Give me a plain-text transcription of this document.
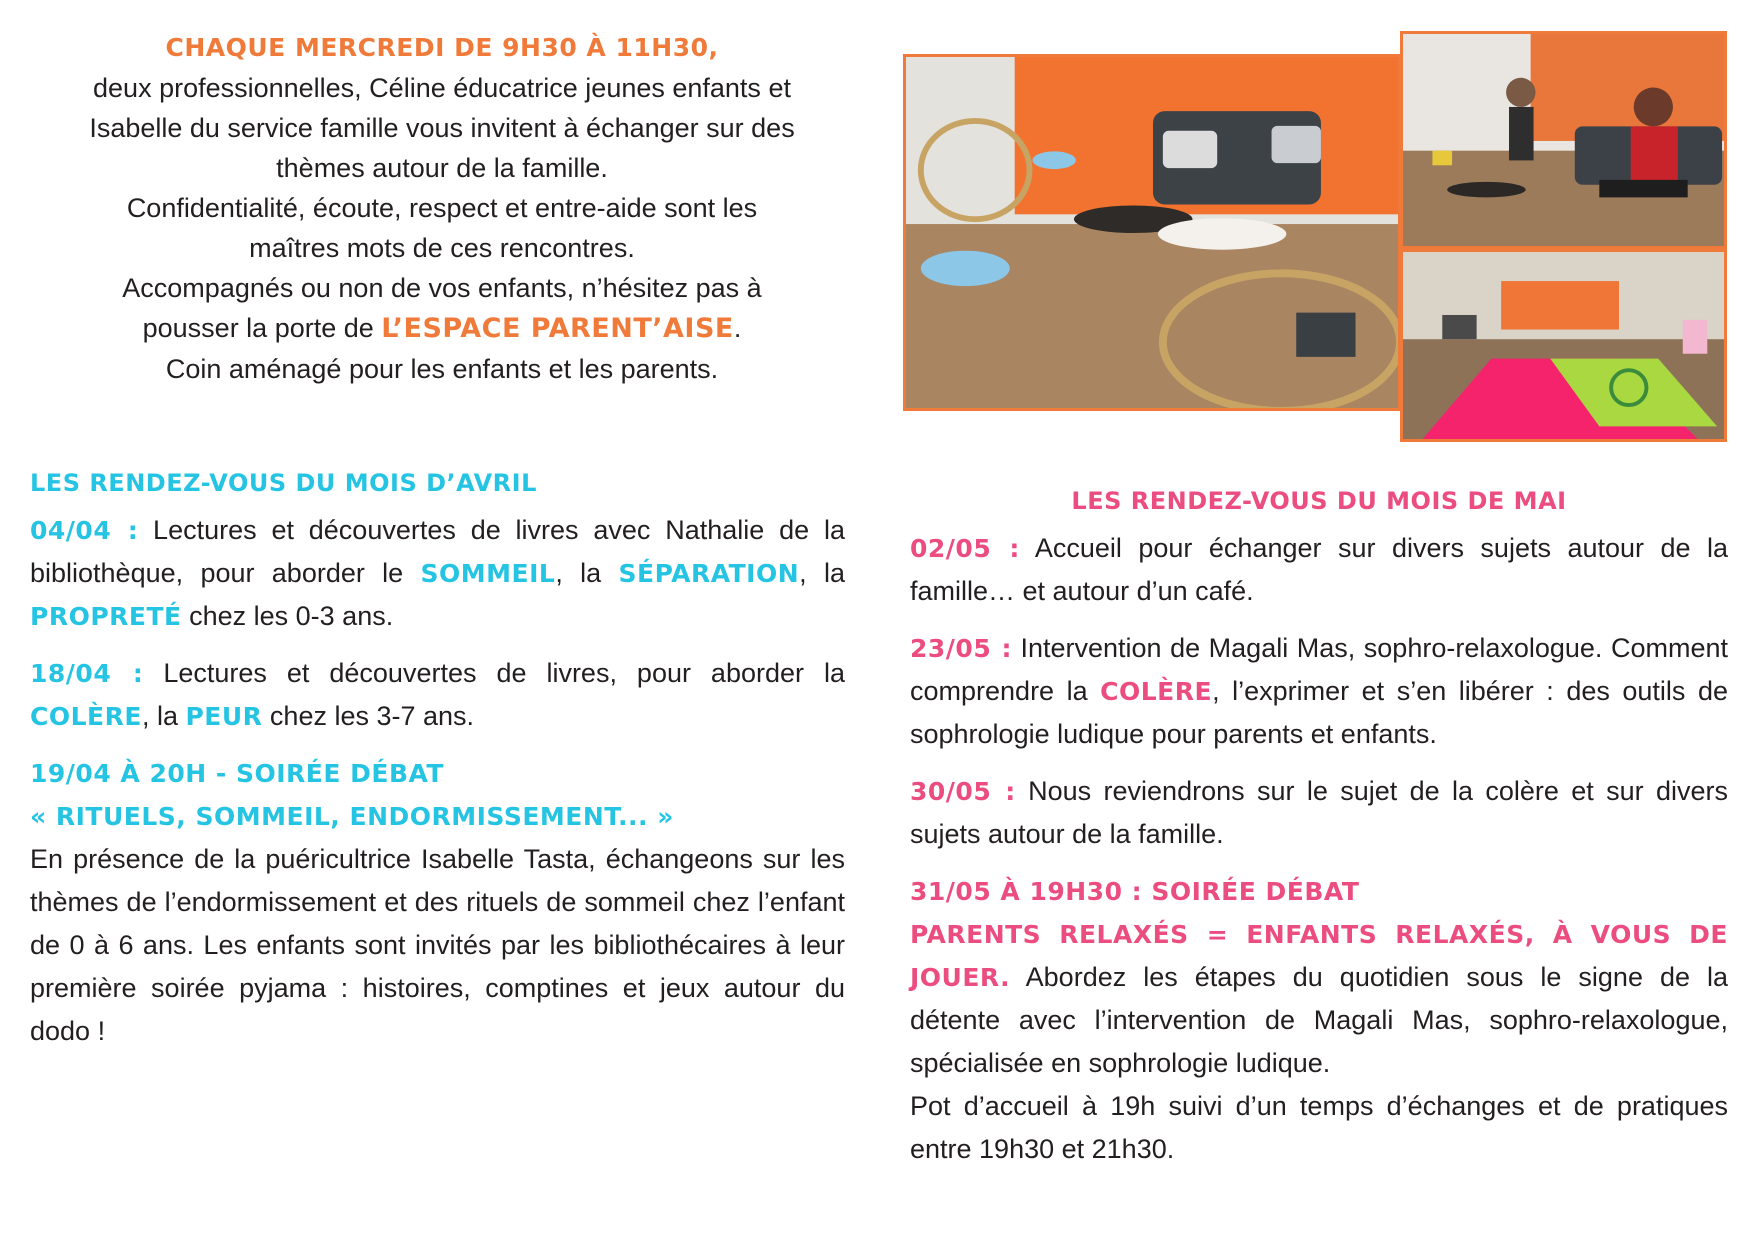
CHAQUE MERCREDI DE 9H30 À 11H30,
deux professionnelles, Céline éducatrice jeunes enfants et
Isabelle du service famille vous invitent à échanger sur des
thèmes autour de la famille.
Confidentialité, écoute, respect et entre-aide sont les
maîtres mots de ces rencontres.
Accompagnés ou non de vos enfants, n’hésitez pas à
pousser la porte de L’ESPACE PARENT’AISE.
Coin aménagé pour les enfants et les parents.
LES RENDEZ-VOUS DU MOIS D’AVRIL
04/04 : Lectures et découvertes de livres avec Nathalie de la bibliothèque, pour aborder le SOMMEIL, la SÉPARATION, la PROPRETÉ chez les 0-3 ans.
18/04 : Lectures et découvertes de livres, pour aborder la COLÈRE, la PEUR chez les 3-7 ans.
19/04 À 20H - SOIRÉE DÉBAT
« RITUELS, SOMMEIL, ENDORMISSEMENT... »
En présence de la puéricultrice Isabelle Tasta, échangeons sur les thèmes de l’endormissement et des rituels de sommeil chez l’enfant de 0 à 6 ans. Les enfants sont invités par les bibliothécaires à leur première soirée pyjama : histoires, comptines et jeux autour du dodo !
LES RENDEZ-VOUS DU MOIS DE MAI
02/05 : Accueil pour échanger sur divers sujets autour de la famille… et autour d’un café.
23/05 : Intervention de Magali Mas, sophro-relaxologue. Comment comprendre la COLÈRE, l’exprimer et s’en libérer : des outils de sophrologie ludique pour parents et enfants.
30/05 : Nous reviendrons sur le sujet de la colère et sur divers sujets autour de la famille.
31/05 À 19H30 : SOIRÉE DÉBAT
PARENTS RELAXÉS = ENFANTS RELAXÉS, À VOUS DE JOUER. Abordez les étapes du quotidien sous le signe de la détente avec l’intervention de Magali Mas, sophro-relaxologue, spécialisée en sophrologie ludique.
Pot d’accueil à 19h suivi d’un temps d’échanges et de pratiques entre 19h30 et 21h30.
